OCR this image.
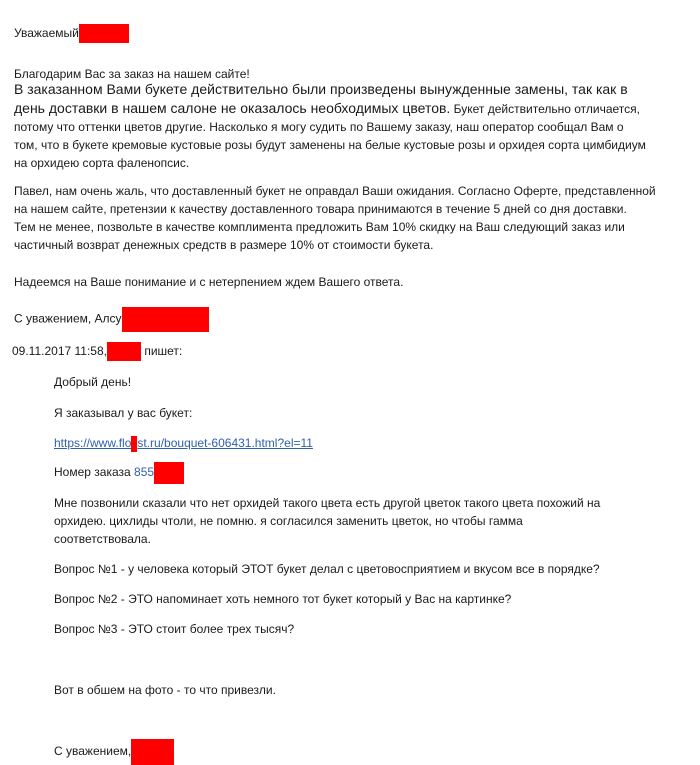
Уважаемый
Благодарим Вас за заказ на нашем сайте!
В заказанном Вами букете действительно были произведены вынужденные замены, так как в
день доставки в нашем салоне не оказалось необходимых цветов. Букет действительно отличается,
потому что оттенки цветов другие. Насколько я могу судить по Вашему заказу, наш оператор сообщал Вам о
том, что в букете кремовые кустовые розы будут заменены на белые кустовые розы и орхидея сорта цимбидиум
на орхидею сорта фаленопсис.
Павел, нам очень жаль, что доставленный букет не оправдал Ваши ожидания. Согласно Оферте, представленной
на нашем сайте, претензии к качеству доставленного товара принимаются в течение 5 дней со дня доставки.
Тем не менее, позвольте в качестве комплимента предложить Вам 10% скидку на Ваш следующий заказ или
частичный возврат денежных средств в размере 10% от стоимости букета.
Надеемся на Ваше понимание и с нетерпением ждем Вашего ответа.
С уважением, Алсу
09.11.2017 11:58,	пишет:
Добрый день!
Я заказывал у вас букет:
https://www.flo st.ru/bouquet-606431.html?el=11
Номер заказа 855
Мне позвонили сказали что нет орхидей такого цвета есть другой цветок такого цвета похожий на
орхидею. цихлиды чтоли, не помню. я согласился заменить цветок, но чтобы гамма
соответствовала.
Вопрос №1 - у человека который ЭТОТ букет делал с цветовосприятием и вкусом все в порядке?
Вопрос №2 - ЭТО напоминает хоть немного тот букет который у Вас на картинке?
Вопрос №3 - ЭТО стоит более трех тысяч?
Вот в обшем на фото - то что привезли.
С уважением,
